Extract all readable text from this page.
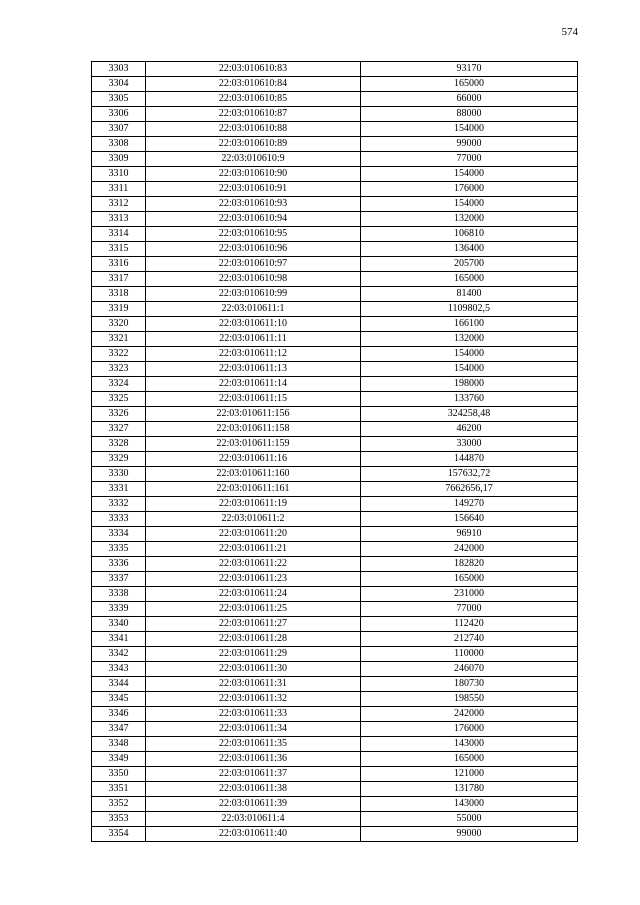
574
3303	22:03:010610:83	93170
3304	22:03:010610:84	165000
3305	22:03:010610:85	66000
3306	22:03:010610:87	88000
3307	22:03:010610:88	154000
3308	22:03:010610:89	99000
3309	22:03:010610:9	77000
3310	22:03:010610:90	154000
3311	22:03:010610:91	176000
3312	22:03:010610:93	154000
3313	22:03:010610:94	132000
3314	22:03:010610:95	106810
3315	22:03:010610:96	136400
3316	22:03:010610:97	205700
3317	22:03:010610:98	165000
3318	22:03:010610:99	81400
3319	22:03:010611:1	1109802,5
3320	22:03:010611:10	166100
3321	22:03:010611:11	132000
3322	22:03:010611:12	154000
3323	22:03:010611:13	154000
3324	22:03:010611:14	198000
3325	22:03:010611:15	133760
3326	22:03:010611:156	324258,48
3327	22:03:010611:158	46200
3328	22:03:010611:159	33000
3329	22:03:010611:16	144870
3330	22:03:010611:160	157632,72
3331	22:03:010611:161	7662656,17
3332	22:03:010611:19	149270
3333	22:03:010611:2	156640
3334	22:03:010611:20	96910
3335	22:03:010611:21	242000
3336	22:03:010611:22	182820
3337	22:03:010611:23	165000
3338	22:03:010611:24	231000
3339	22:03:010611:25	77000
3340	22:03:010611:27	112420
3341	22:03:010611:28	212740
3342	22:03:010611:29	110000
3343	22:03:010611:30	246070
3344	22:03:010611:31	180730
3345	22:03:010611:32	198550
3346	22:03:010611:33	242000
3347	22:03:010611:34	176000
3348	22:03:010611:35	143000
3349	22:03:010611:36	165000
3350	22:03:010611:37	121000
3351	22:03:010611:38	131780
3352	22:03:010611:39	143000
3353	22:03:010611:4	55000
3354	22:03:010611:40	99000
